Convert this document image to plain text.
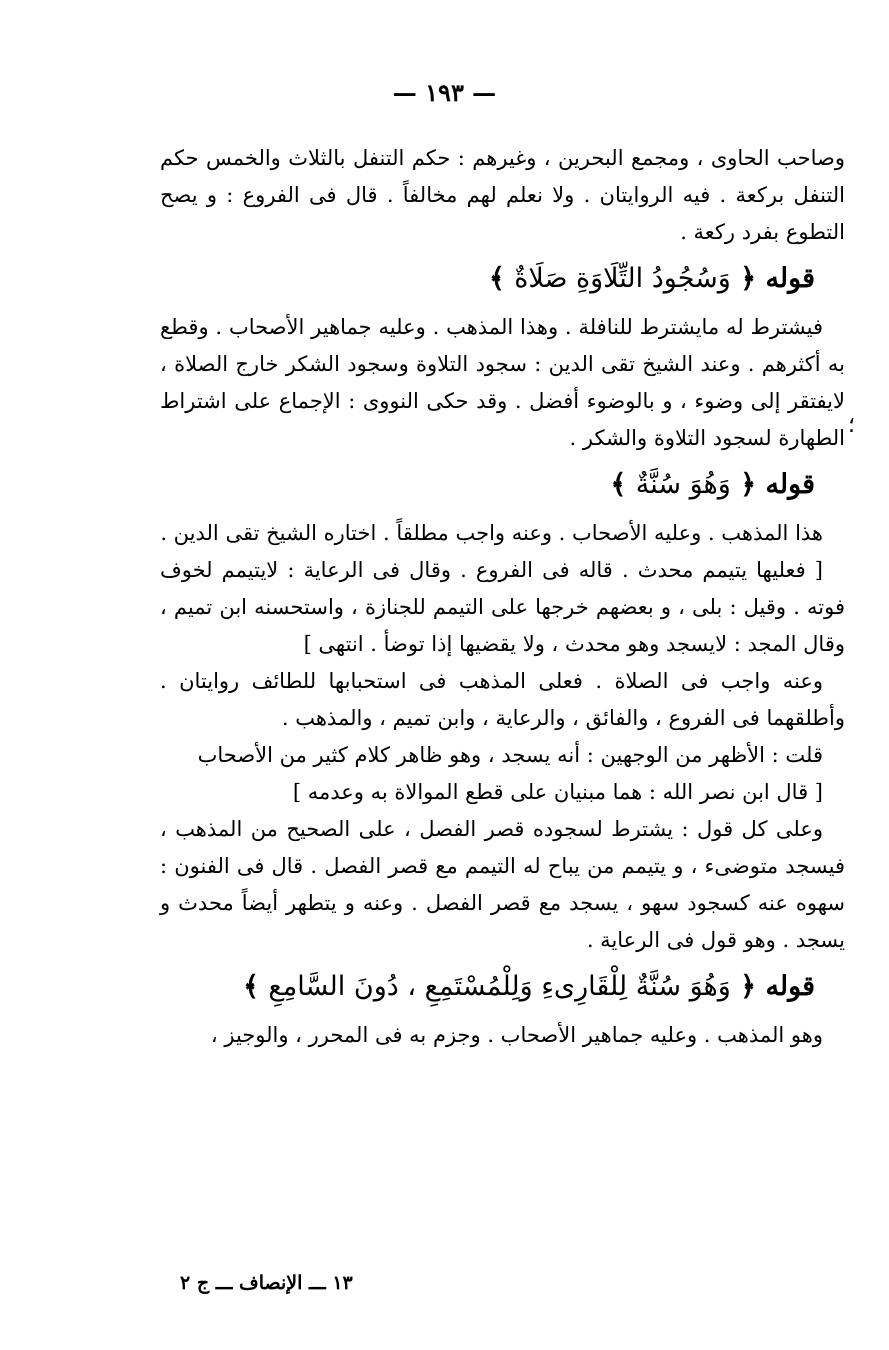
— ١٩٣ —

وصاحب الحاوى ، ومجمع البحرين ، وغيرهم : حكم التنفل بالثلاث والخمس حكم التنفل بركعة . فيه الروايتان . ولا نعلم لهم مخالفاً . قال فى الفروع : و يصح التطوع بفرد ركعة .

قوله ﴿ وَسُجُودُ التِّلَاوَةِ صَلَاةٌ ﴾

فيشترط له مايشترط للنافلة . وهذا المذهب . وعليه جماهير الأصحاب . وقطع به أكثرهم . وعند الشيخ تقى الدين : سجود التلاوة وسجود الشكر خارج الصلاة ، لايفتقر إلى وضوء ، و بالوضوء أفضل . وقد حكى النووى : الإجماع على اشتراط الطهارة لسجود التلاوة والشكر .

قوله ﴿ وَهُوَ سُنَّةٌ ﴾

هذا المذهب . وعليه الأصحاب . وعنه واجب مطلقاً . اختاره الشيخ تقى الدين .

[ فعليها يتيمم محدث . قاله فى الفروع . وقال فى الرعاية : لايتيمم لخوف فوته . وقيل : بلى ، و بعضهم خرجها على التيمم للجنازة ، واستحسنه ابن تميم ، وقال المجد : لايسجد وهو محدث ، ولا يقضيها إذا توضأ . انتهى ]

وعنه واجب فى الصلاة . فعلى المذهب فى استحبابها للطائف روايتان . وأطلقهما فى الفروع ، والفائق ، والرعاية ، وابن تميم ، والمذهب .

قلت : الأظهر من الوجهين : أنه يسجد ، وهو ظاهر كلام كثير من الأصحاب

[ قال ابن نصر الله : هما مبنيان على قطع الموالاة به وعدمه ]

وعلى كل قول : يشترط لسجوده قصر الفصل ، على الصحيح من المذهب ، فيسجد متوضىء ، و يتيمم من يباح له التيمم مع قصر الفصل . قال فى الفنون : سهوه عنه كسجود سهو ، يسجد مع قصر الفصل . وعنه و يتطهر أيضاً محدث و يسجد . وهو قول فى الرعاية .

قوله ﴿ وَهُوَ سُنَّةٌ لِلْقَارِىءِ وَلِلْمُسْتَمِعِ ، دُونَ السَّامِعِ ﴾

وهو المذهب . وعليه جماهير الأصحاب . وجزم به فى المحرر ، والوجيز ،

؛
١٣ ـــ الإنصاف ـــ ج ٢
